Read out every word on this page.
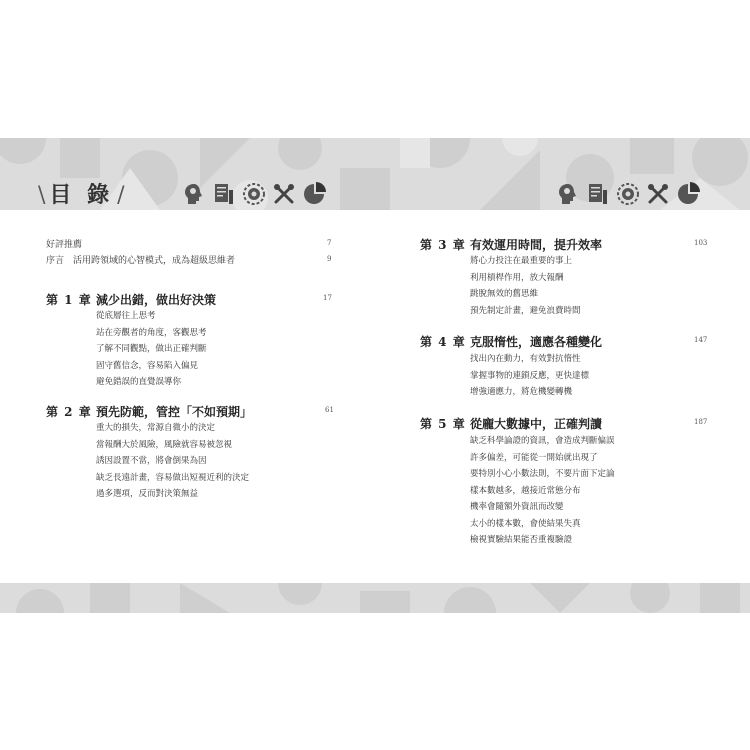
\ 目 錄 /
好評推薦	7
序言　活用跨領域的心智模式，成為超級思維者	9
第 1 章 減少出錯，做出好決策	17
從底層往上思考
站在旁觀者的角度，客觀思考
了解不同觀點，做出正確判斷
固守舊信念，容易陷入偏見
避免錯誤的直覺誤導你
第 2 章 預先防範，管控「不如預期」	61
重大的損失，常源自微小的決定
當報酬大於風險，風險就容易被忽視
誘因設置不當，將會倒果為因
缺乏長遠計畫，容易做出短視近利的決定
過多選項，反而對決策無益
第 3 章 有效運用時間，提升效率	103
將心力投注在最重要的事上
利用槓桿作用，放大報酬
跳脫無效的舊思維
預先制定計畫，避免浪費時間
第 4 章 克服惰性，適應各種變化	147
找出內在動力，有效對抗惰性
掌握事物的連鎖反應，更快達標
增強適應力，將危機變轉機
第 5 章 從龐大數據中，正確判讀	187
缺乏科學論證的資訊，會造成判斷偏誤
許多偏差，可能從一開始就出現了
要特別小心小數法則，不要片面下定論
樣本數越多，越接近常態分布
機率會隨額外資訊而改變
太小的樣本數，會使結果失真
檢視實驗結果能否重複驗證
